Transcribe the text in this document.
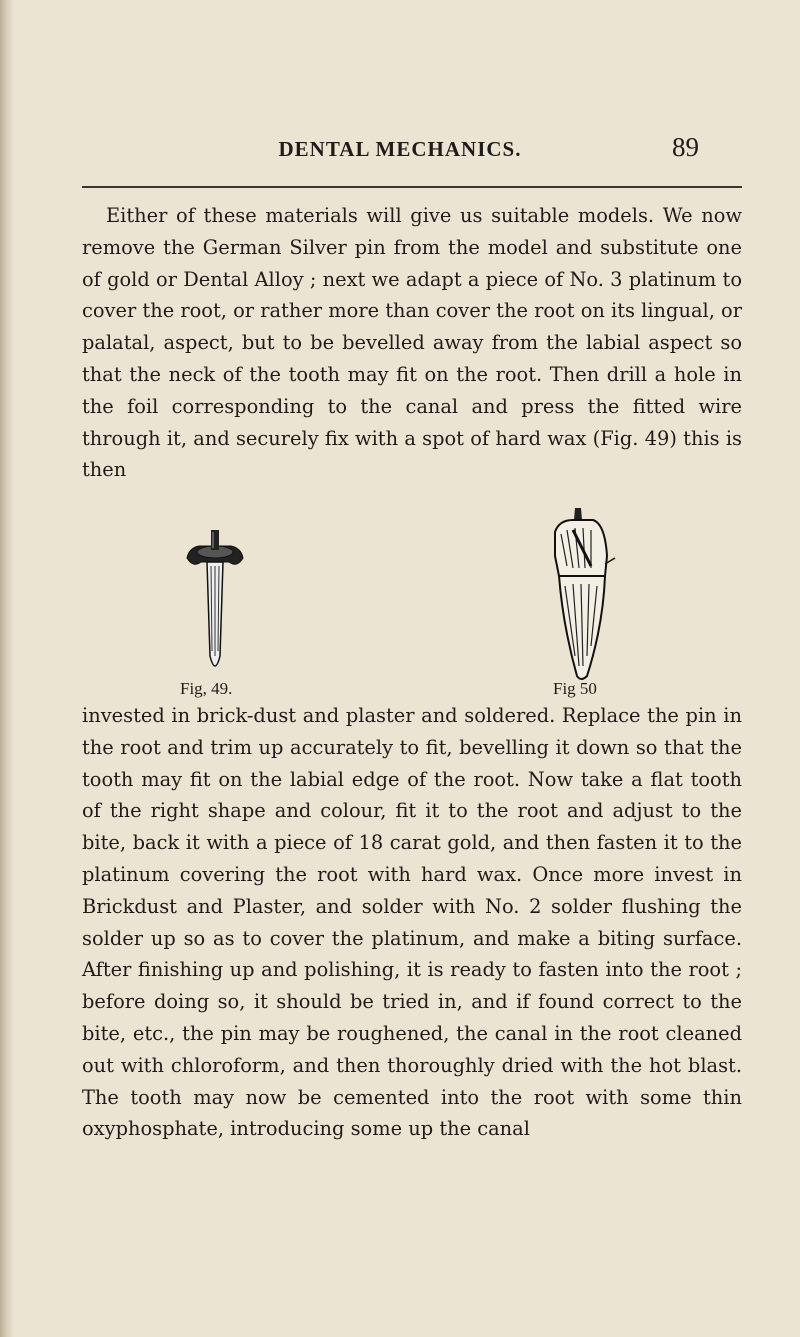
DENTAL MECHANICS.	89
Either of these materials will give us suitable models. We now remove the German Silver pin from the model and substitute one of gold or Dental Alloy ; next we adapt a piece of No. 3 platinum to cover the root, or rather more than cover the root on its lingual, or palatal, aspect, but to be bevelled away from the labial aspect so that the neck of the tooth may fit on the root. Then drill a hole in the foil corresponding to the canal and press the fitted wire through it, and securely fix with a spot of hard wax (Fig. 49) this is then
Fig, 49.	Fig 50
invested in brick-dust and plaster and soldered. Replace the pin in the root and trim up accurately to fit, bevelling it down so that the tooth may fit on the labial edge of the root. Now take a flat tooth of the right shape and colour, fit it to the root and adjust to the bite, back it with a piece of 18 carat gold, and then fasten it to the platinum covering the root with hard wax. Once more invest in Brickdust and Plaster, and solder with No. 2 solder flushing the solder up so as to cover the platinum, and make a biting surface. After finishing up and polishing, it is ready to fasten into the root ; before doing so, it should be tried in, and if found correct to the bite, etc., the pin may be roughened, the canal in the root cleaned out with chloroform, and then thoroughly dried with the hot blast. The tooth may now be cemented into the root with some thin oxyphosphate, introducing some up the canal
